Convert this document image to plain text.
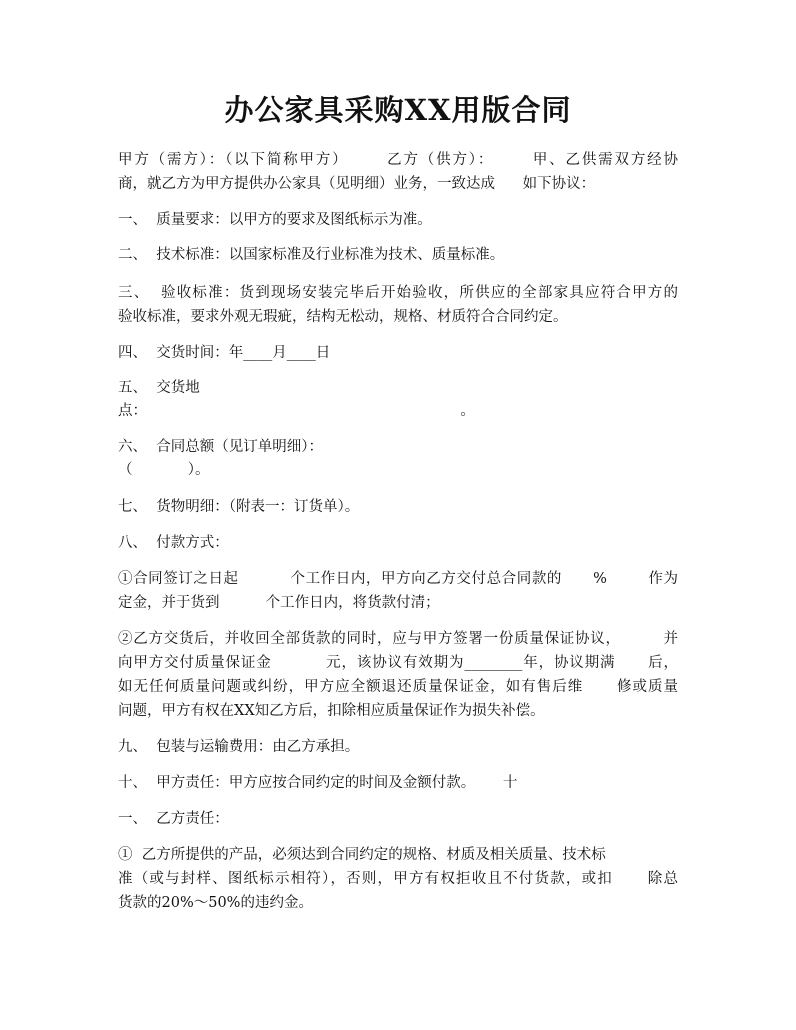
办公家具采购XX用版合同
甲方（需方）：（以下简称甲方）      乙方（供方）：      甲、乙供需双方经协
商，就乙方为甲方提供办公家具（见明细）业务，一致达成      如下协议：
一、  质量要求：以甲方的要求及图纸标示为准。
二、  技术标准：以国家标准及行业标准为技术、质量标准。
三、  验收标准：货到现场安装完毕后开始验收，所供应的全部家具应符合甲方的
验收标准，要求外观无瑕疵，结构无松动，规格、材质符合合同约定。
四、  交货时间：年____月____日
五、  交货地
点：                                                                    。
六、  合同总额（见订单明细）：
（            ）。
七、  货物明细：（附表一：订货单）。
八、  付款方式：
①合同签订之日起          个工作日内，甲方向乙方交付总合同款的      %        作为
定金，并于货到          个工作日内，将货款付清；
②乙方交货后，并收回全部货款的同时，应与甲方签署一份质量保证协议，        并
向甲方交付质量保证金          元，该协议有效期为________年，协议期满      后，
如无任何质量问题或纠纷，甲方应全额退还质量保证金，如有售后维      修或质量
问题，甲方有权在XX知乙方后，扣除相应质量保证作为损失补偿。
九、  包装与运输费用：由乙方承担。
十、  甲方责任：甲方应按合同约定的时间及金额付款。      十
一、  乙方责任：
①  乙方所提供的产品，必须达到合同约定的规格、材质及相关质量、技术标
准（或与封样、图纸标示相符），否则，甲方有权拒收且不付货款，或扣      除总
货款的20%～50%的违约金。
